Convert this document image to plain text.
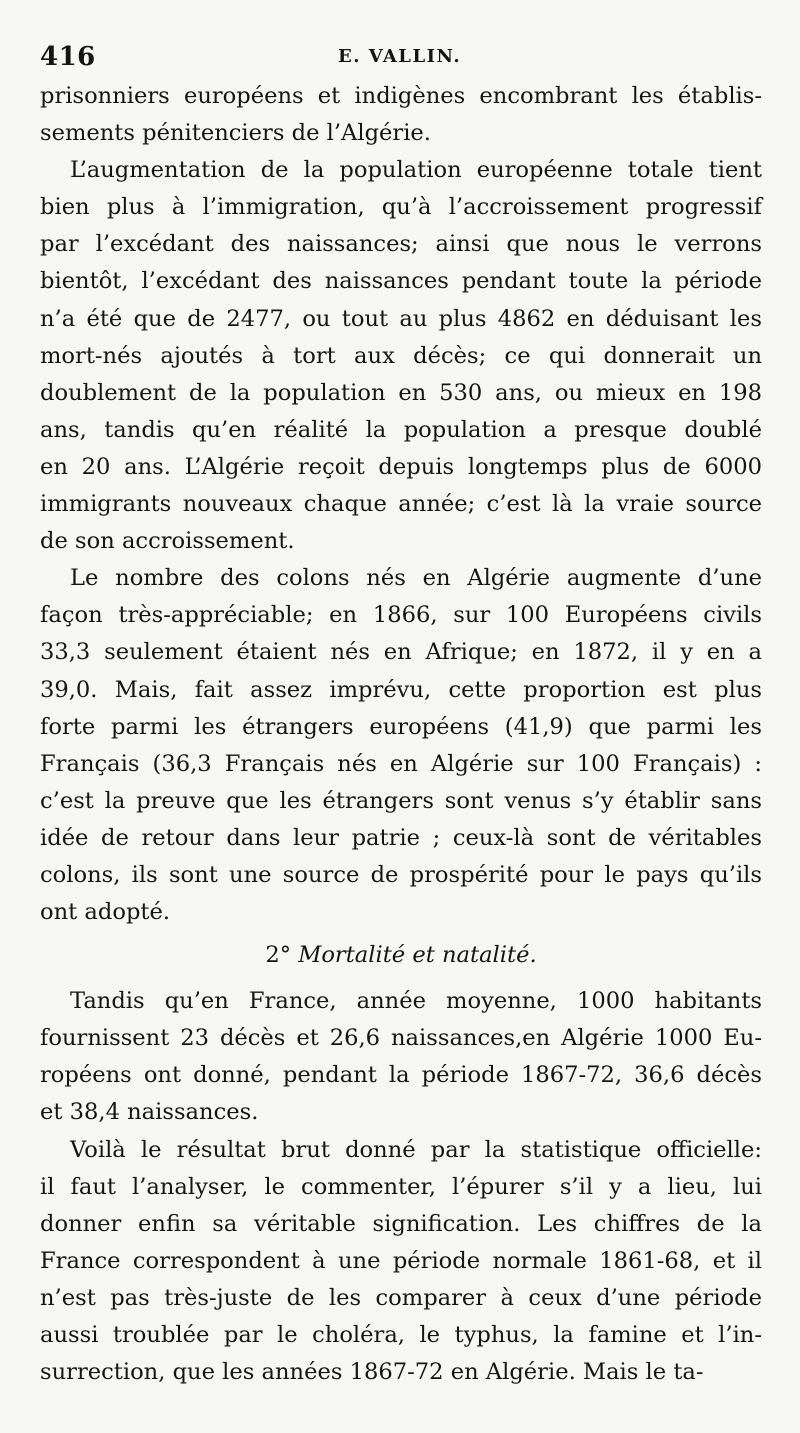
416	E. VALLIN.
prisonniers européens et indigènes encombrant les établis-
sements pénitenciers de l’Algérie.
L’augmentation de la population européenne totale tient
bien plus à l’immigration, qu’à l’accroissement progressif
par l’excédant des naissances; ainsi que nous le verrons
bientôt, l’excédant des naissances pendant toute la période
n’a été que de 2477, ou tout au plus 4862 en déduisant les
mort-nés ajoutés à tort aux décès; ce qui donnerait un
doublement de la population en 530 ans, ou mieux en 198
ans, tandis qu’en réalité la population a presque doublé
en 20 ans. L’Algérie reçoit depuis longtemps plus de 6000
immigrants nouveaux chaque année; c’est là la vraie source
de son accroissement.
Le nombre des colons nés en Algérie augmente d’une
façon très-appréciable; en 1866, sur 100 Européens civils
33,3 seulement étaient nés en Afrique; en 1872, il y en a
39,0. Mais, fait assez imprévu, cette proportion est plus
forte parmi les étrangers européens (41,9) que parmi les
Français (36,3 Français nés en Algérie sur 100 Français) :
c’est la preuve que les étrangers sont venus s’y établir sans
idée de retour dans leur patrie ; ceux-là sont de véritables
colons, ils sont une source de prospérité pour le pays qu’ils
ont adopté.
2° Mortalité et natalité.
Tandis qu’en France, année moyenne, 1000 habitants
fournissent 23 décès et 26,6 naissances,en Algérie 1000 Eu-
ropéens ont donné, pendant la période 1867-72, 36,6 décès
et 38,4 naissances.
Voilà le résultat brut donné par la statistique officielle:
il faut l’analyser, le commenter, l’épurer s’il y a lieu, lui
donner enfin sa véritable signification. Les chiffres de la
France correspondent à une période normale 1861-68, et il
n’est pas très-juste de les comparer à ceux d’une période
aussi troublée par le choléra, le typhus, la famine et l’in-
surrection, que les années 1867-72 en Algérie. Mais le ta-
